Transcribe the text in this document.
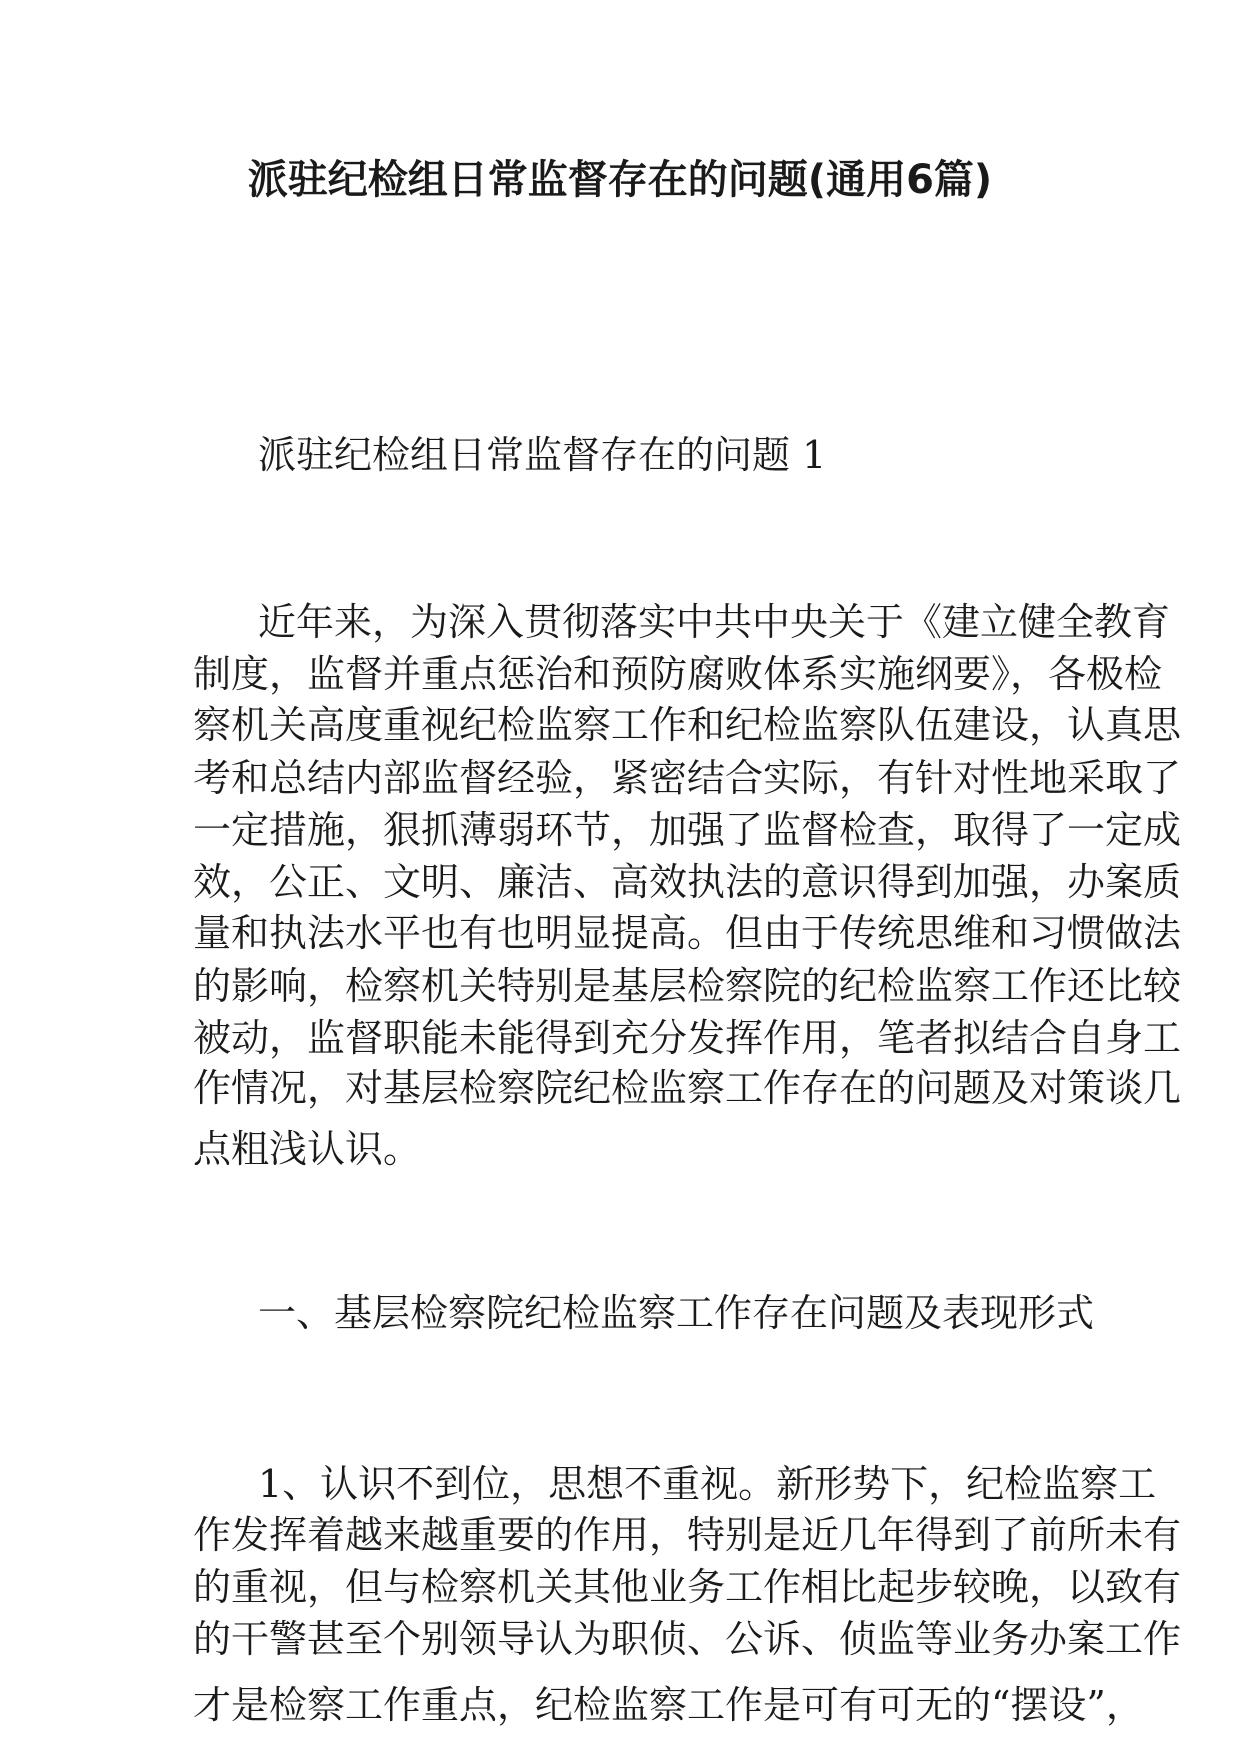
派驻纪检组日常监督存在的问题(通用6篇)
派驻纪检组日常监督存在的问题 1
近年来，为深入贯彻落实中共中央关于《建立健全教育
制度，监督并重点惩治和预防腐败体系实施纲要》，各极检
察机关高度重视纪检监察工作和纪检监察队伍建设，认真思
考和总结内部监督经验，紧密结合实际，有针对性地采取了
一定措施，狠抓薄弱环节，加强了监督检查，取得了一定成
效，公正、文明、廉洁、高效执法的意识得到加强，办案质
量和执法水平也有也明显提高。但由于传统思维和习惯做法
的影响，检察机关特别是基层检察院的纪检监察工作还比较
被动，监督职能未能得到充分发挥作用，笔者拟结合自身工
作情况，对基层检察院纪检监察工作存在的问题及对策谈几
点粗浅认识。
一、基层检察院纪检监察工作存在问题及表现形式
1、认识不到位，思想不重视。新形势下，纪检监察工
作发挥着越来越重要的作用，特别是近几年得到了前所未有
的重视，但与检察机关其他业务工作相比起步较晚，以致有
的干警甚至个别领导认为职侦、公诉、侦监等业务办案工作
才是检察工作重点，纪检监察工作是可有可无的“摆设”，
